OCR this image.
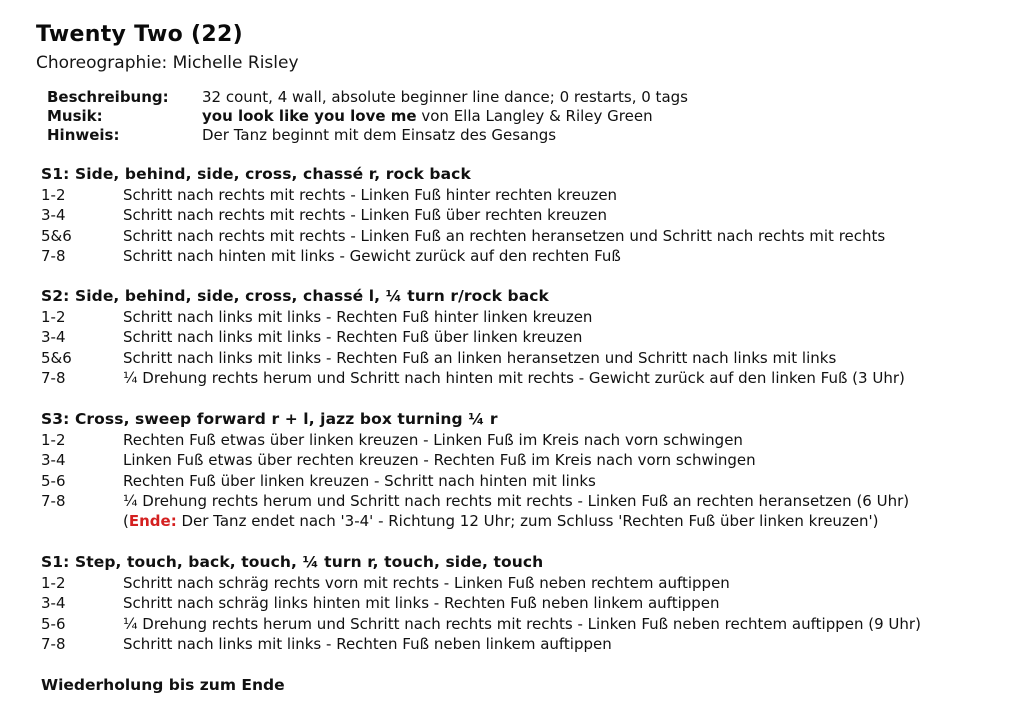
Twenty Two (22)
Choreographie: Michelle Risley
Beschreibung: 32 count, 4 wall, absolute beginner line dance; 0 restarts, 0 tags
Musik:	you look like you love me von Ella Langley & Riley Green
Hinweis:	Der Tanz beginnt mit dem Einsatz des Gesangs
S1: Side, behind, side, cross, chassé r, rock back
1-2	Schritt nach rechts mit rechts - Linken Fuß hinter rechten kreuzen
3-4	Schritt nach rechts mit rechts - Linken Fuß über rechten kreuzen
5&6	Schritt nach rechts mit rechts - Linken Fuß an rechten heransetzen und Schritt nach rechts mit rechts
7-8	Schritt nach hinten mit links - Gewicht zurück auf den rechten Fuß
S2: Side, behind, side, cross, chassé l, ¼ turn r/rock back
1-2	Schritt nach links mit links - Rechten Fuß hinter linken kreuzen
3-4	Schritt nach links mit links - Rechten Fuß über linken kreuzen
5&6	Schritt nach links mit links - Rechten Fuß an linken heransetzen und Schritt nach links mit links
7-8	¼ Drehung rechts herum und Schritt nach hinten mit rechts - Gewicht zurück auf den linken Fuß (3 Uhr)
S3: Cross, sweep forward r + l, jazz box turning ¼ r
1-2	Rechten Fuß etwas über linken kreuzen - Linken Fuß im Kreis nach vorn schwingen
3-4	Linken Fuß etwas über rechten kreuzen - Rechten Fuß im Kreis nach vorn schwingen
5-6	Rechten Fuß über linken kreuzen - Schritt nach hinten mit links
7-8	¼ Drehung rechts herum und Schritt nach rechts mit rechts - Linken Fuß an rechten heransetzen (6 Uhr)
(Ende: Der Tanz endet nach '3-4' - Richtung 12 Uhr; zum Schluss 'Rechten Fuß über linken kreuzen')
S1: Step, touch, back, touch, ¼ turn r, touch, side, touch
1-2	Schritt nach schräg rechts vorn mit rechts - Linken Fuß neben rechtem auftippen
3-4	Schritt nach schräg links hinten mit links - Rechten Fuß neben linkem auftippen
5-6	¼ Drehung rechts herum und Schritt nach rechts mit rechts - Linken Fuß neben rechtem auftippen (9 Uhr)
7-8	Schritt nach links mit links - Rechten Fuß neben linkem auftippen
Wiederholung bis zum Ende
